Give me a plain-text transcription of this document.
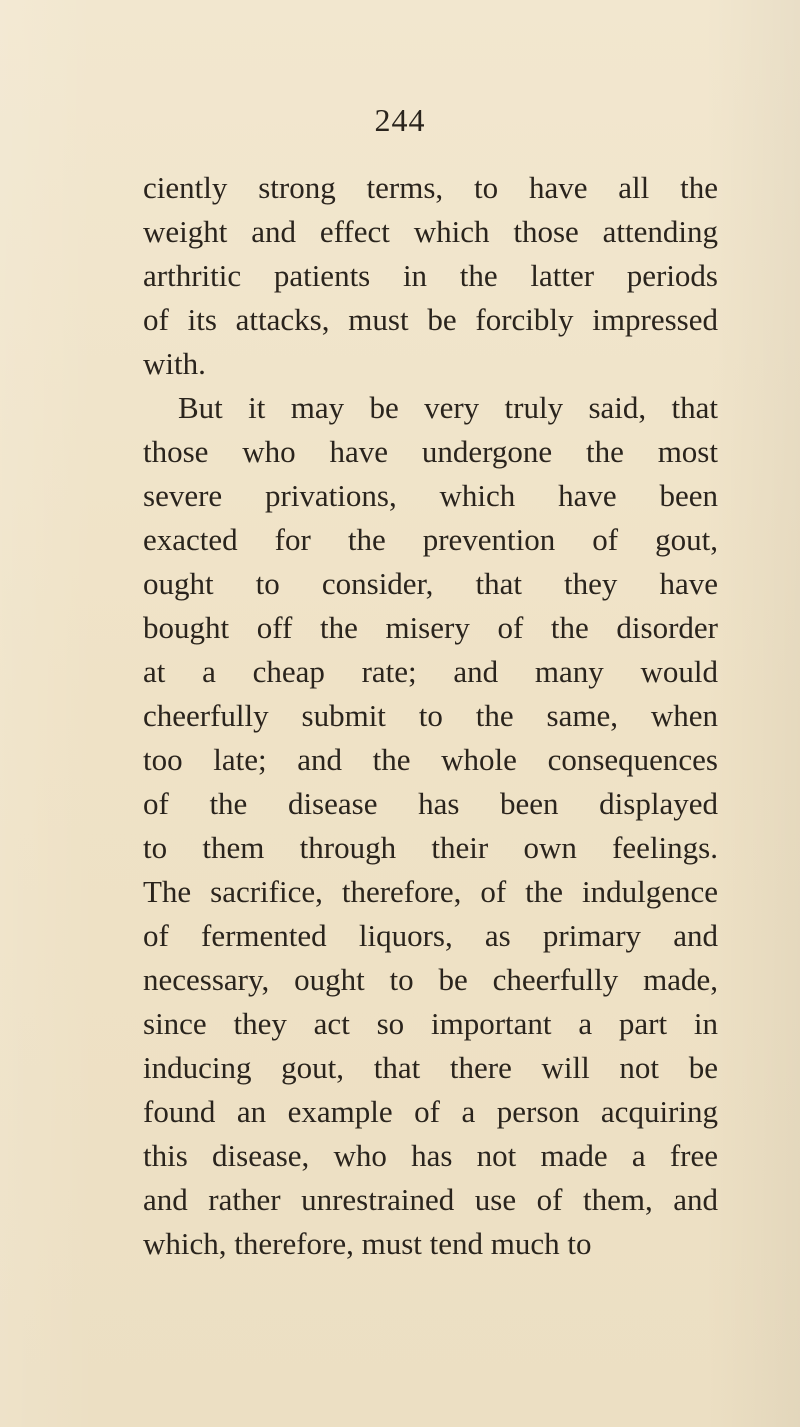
244
ciently strong terms, to have all the
weight and effect which those attending
arthritic patients in the latter periods
of its attacks, must be forcibly impressed
with.
But it may be very truly said, that
those who have undergone the most
severe privations, which have been
exacted for the prevention of gout,
ought to consider, that they have
bought off the misery of the disorder
at a cheap rate; and many would
cheerfully submit to the same, when
too late; and the whole consequences
of the disease has been displayed
to them through their own feelings.
The sacrifice, therefore, of the indulgence
of fermented liquors, as primary and
necessary, ought to be cheerfully made,
since they act so important a part in
inducing gout, that there will not be
found an example of a person acquiring
this disease, who has not made a free
and rather unrestrained use of them, and
which, therefore, must tend much to
